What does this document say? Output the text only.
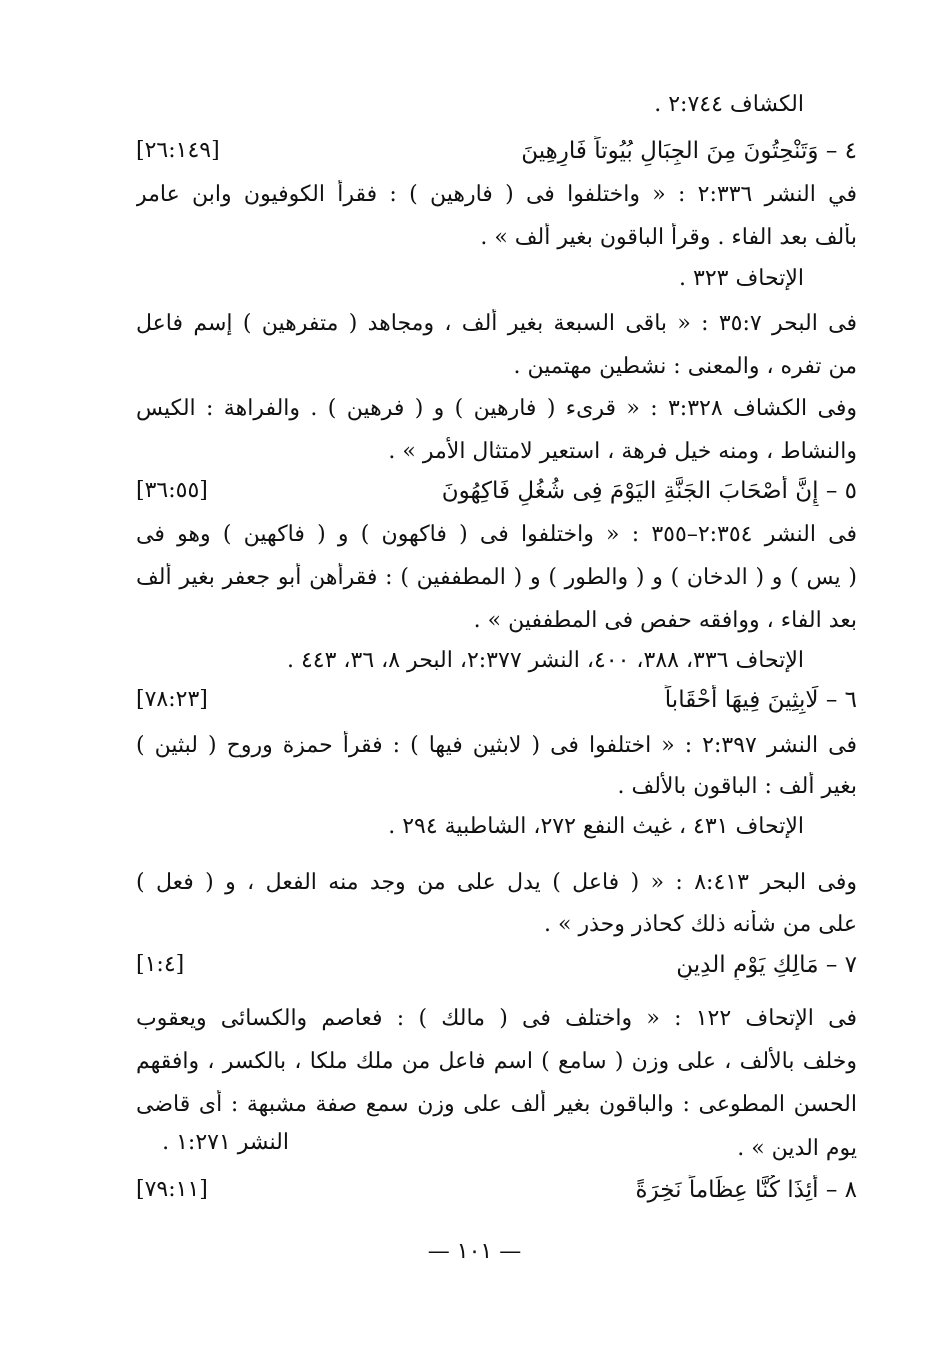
الكشاف ٢:٧٤٤ .
٤ – وَتَنْحِتُونَ مِنَ الجِبَالِ بُيُوتاً فَارِهِينَ
[٢٦:١٤٩]
في النشر ٢:٣٣٦ : « واختلفوا فى ( فارهين ) : فقرأ الكوفيون وابن عامر
بألف بعد الفاء . وقرأ الباقون بغير ألف » .
الإتحاف ٣٢٣ .
فى البحر ٣٥:٧ : « باقى السبعة بغير ألف ، ومجاهد ( متفرهين ) إسم فاعل
من تفره ، والمعنى : نشطين مهتمين .
وفى الكشاف ٣:٣٢٨ : « قرىء ( فارهين ) و ( فرهين ) . والفراهة : الكيس
والنشاط ، ومنه خيل فرهة ، استعير لامتثال الأمر » .
٥ – إِنَّ أَصْحَابَ الجَنَّةِ اليَوْمَ فِى شُغُلٍ فَاكِهُونَ
[٣٦:٥٥]
فى النشر ٢:٣٥٤–٣٥٥ : « واختلفوا فى ( فاكهون ) و ( فاكهين ) وهو فى
( يس ) و ( الدخان ) و ( والطور ) و ( المطففين ) : فقرأهن أبو جعفر بغير ألف
بعد الفاء ، ووافقه حفص فى المطففين » .
الإتحاف ٣٣٦، ٣٨٨، ٤٠٠، النشر ٢:٣٧٧، البحر ٨، ٣٦، ٤٤٣ .
٦ – لَابِثِينَ فِيهَا أَحْقَاباً
[٧٨:٢٣]
فى النشر ٢:٣٩٧ : « اختلفوا فى ( لابثين فيها ) : فقرأ حمزة وروح ( لبثين )
بغير ألف : الباقون بالألف .
الإتحاف ٤٣١ ، غيث النفع ٢٧٢، الشاطبية ٢٩٤ .
وفى البحر ٨:٤١٣ : « ( فاعل ) يدل على من وجد منه الفعل ، و ( فعل )
على من شأنه ذلك كحاذر وحذر » .
٧ – مَالِكِ يَوْمِ الدِينِ
[١:٤]
فى الإتحاف ١٢٢ : « واختلف فى ( مالك ) : فعاصم والكسائى ويعقوب
وخلف بالألف ، على وزن ( سامع ) اسم فاعل من ملك ملكا ، بالكسر ، وافقهم
الحسن المطوعى : والباقون بغير ألف على وزن سمع صفة مشبهة : أى قاضى
يوم الدين » .
النشر ١:٢٧١ .
٨ – أَئِذَا كُنَّا عِظَاماً نَخِرَةً
[٧٩:١١]
— ١٠١ —
